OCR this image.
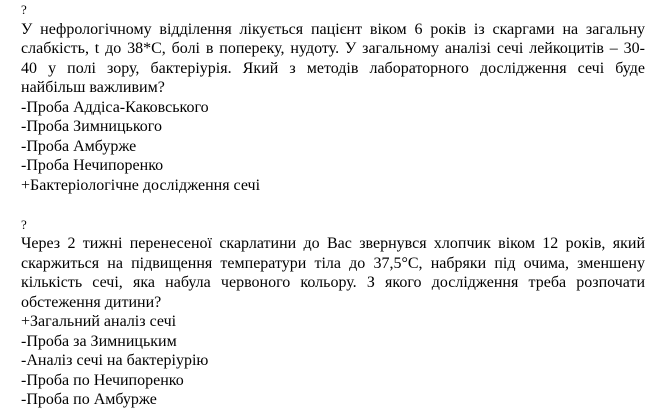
?
У нефрологічному відділення лікується пацієнт віком 6 років із скаргами на загальну
слабкість, t до 38*С, болі в попереку, нудоту. У загальному аналізі сечі лейкоцитів – 30-
40 у полі зору, бактеріурія. Який з методів лабораторного дослідження сечі буде
найбільш важливим?
-Проба Аддіса-Каковського
-Проба Зимницького
-Проба Амбурже
-Проба Нечипоренко
+Бактеріологічне дослідження сечі
?
Через 2 тижні перенесеної скарлатини до Вас звернувся хлопчик віком 12 років, який
скаржиться на підвищення температури тіла до 37,5°С, набряки під очима, зменшену
кількість сечі, яка набула червоного кольору. З якого дослідження треба розпочати
обстеження дитини?
+Загальний аналіз сечі
-Проба за Зимницьким
-Аналіз сечі на бактеріурію
-Проба по Нечипоренко
-Проба по Амбурже
